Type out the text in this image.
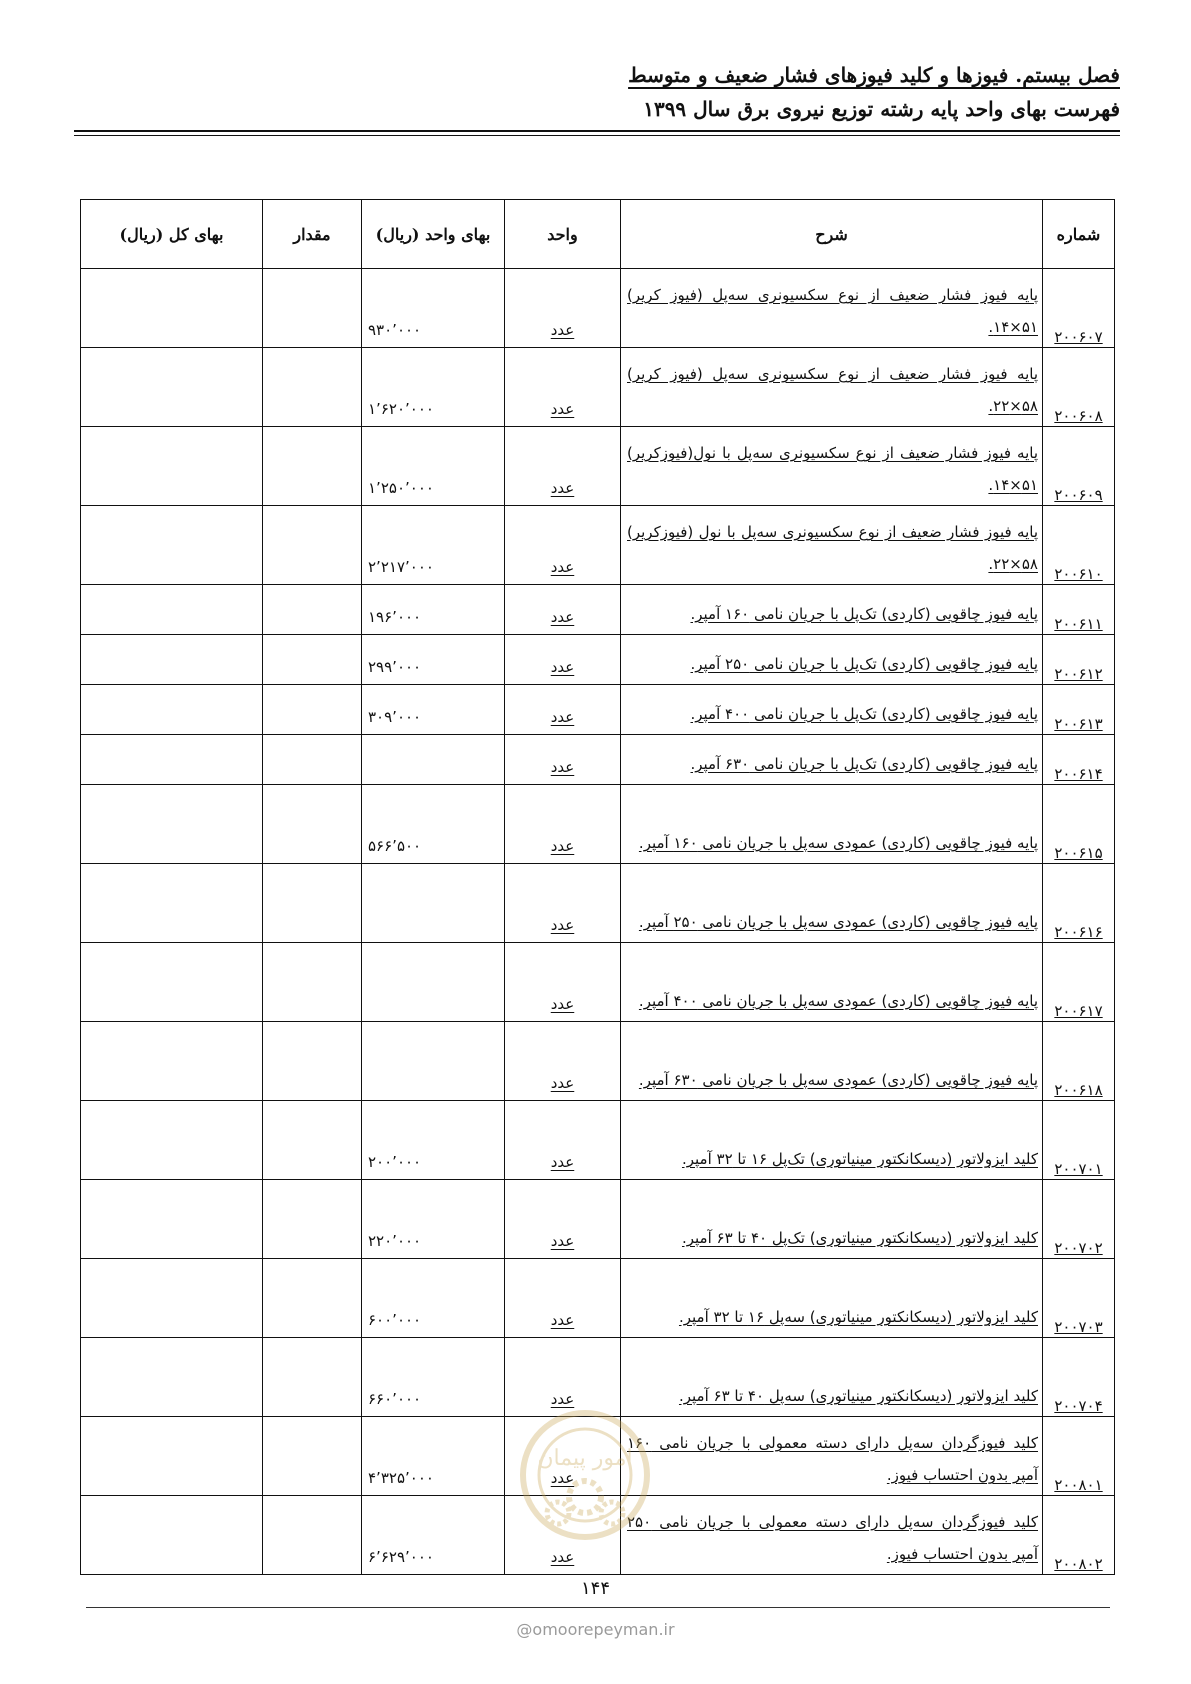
فصل بیستم. فیوزها و کلید فیوزهای فشار ضعیف و متوسط
فهرست بهای واحد پایه رشته توزیع نیروی برق سال ۱۳۹۹
شماره	شرح	واحد	بهای واحد (ریال)	مقدار	بهای کل (ریال)
۲۰۰۶۰۷	پایه فیوز فشار ضعیف از نوع سکسیونری سه‌پل (فیوز کریر) ۵۱×۱۴.	عدد	۹۳۰٬۰۰۰		
۲۰۰۶۰۸	پایه فیوز فشار ضعیف از نوع سکسیونری سه‌پل (فیوز کریر) ۵۸×۲۲.	عدد	۱٬۶۲۰٬۰۰۰		
۲۰۰۶۰۹	پایه فیوز فشار ضعیف از نوع سکسیونری سه‌پل با نول(فیوزکریر) ۵۱×۱۴.	عدد	۱٬۲۵۰٬۰۰۰		
۲۰۰۶۱۰	پایه فیوز فشار ضعیف از نوع سکسیونری سه‌پل با نول (فیوزکریر) ۵۸×۲۲.	عدد	۲٬۲۱۷٬۰۰۰		
۲۰۰۶۱۱	پایه فیوز چاقویی (کاردی) تک‌پل با جریان نامی ۱۶۰ آمپر.	عدد	۱۹۶٬۰۰۰		
۲۰۰۶۱۲	پایه فیوز چاقویی (کاردی) تک‌پل با جریان نامی ۲۵۰ آمپر.	عدد	۲۹۹٬۰۰۰		
۲۰۰۶۱۳	پایه فیوز چاقویی (کاردی) تک‌پل با جریان نامی ۴۰۰ آمپر.	عدد	۳۰۹٬۰۰۰		
۲۰۰۶۱۴	پایه فیوز چاقویی (کاردی) تک‌پل با جریان نامی ۶۳۰ آمپر.	عدد			
۲۰۰۶۱۵	پایه فیوز چاقویی (کاردی) عمودی سه‌پل با جریان نامی ۱۶۰ آمپر.	عدد	۵۶۶٬۵۰۰		
۲۰۰۶۱۶	پایه فیوز چاقویی (کاردی) عمودی سه‌پل با جریان نامی ۲۵۰ آمپر.	عدد			
۲۰۰۶۱۷	پایه فیوز چاقویی (کاردی) عمودی سه‌پل با جریان نامی ۴۰۰ آمپر.	عدد			
۲۰۰۶۱۸	پایه فیوز چاقویی (کاردی) عمودی سه‌پل با جریان نامی ۶۳۰ آمپر.	عدد			
۲۰۰۷۰۱	کلید ایزولاتور (دیسکانکتور مینیاتوری) تک‌پل ۱۶ تا ۳۲ آمپر.	عدد	۲۰۰٬۰۰۰		
۲۰۰۷۰۲	کلید ایزولاتور (دیسکانکتور مینیاتوری) تک‌پل ۴۰ تا ۶۳ آمپر.	عدد	۲۲۰٬۰۰۰		
۲۰۰۷۰۳	کلید ایزولاتور (دیسکانکتور مینیاتوری) سه‌پل ۱۶ تا ۳۲ آمپر.	عدد	۶۰۰٬۰۰۰		
۲۰۰۷۰۴	کلید ایزولاتور (دیسکانکتور مینیاتوری) سه‌پل ۴۰ تا ۶۳ آمپر.	عدد	۶۶۰٬۰۰۰		
۲۰۰۸۰۱	کلید فیوزگردان سه‌پل دارای دسته معمولی با جریان نامی ۱۶۰ آمپر بدون احتساب فیوز.	عدد	۴٬۳۲۵٬۰۰۰		
۲۰۰۸۰۲	کلید فیوزگردان سه‌پل دارای دسته معمولی با جریان نامی ۲۵۰ آمپر بدون احتساب فیوز.	عدد	۶٬۶۲۹٬۰۰۰		
امور پیمان
۱۴۴
@omoorepeyman.ir
